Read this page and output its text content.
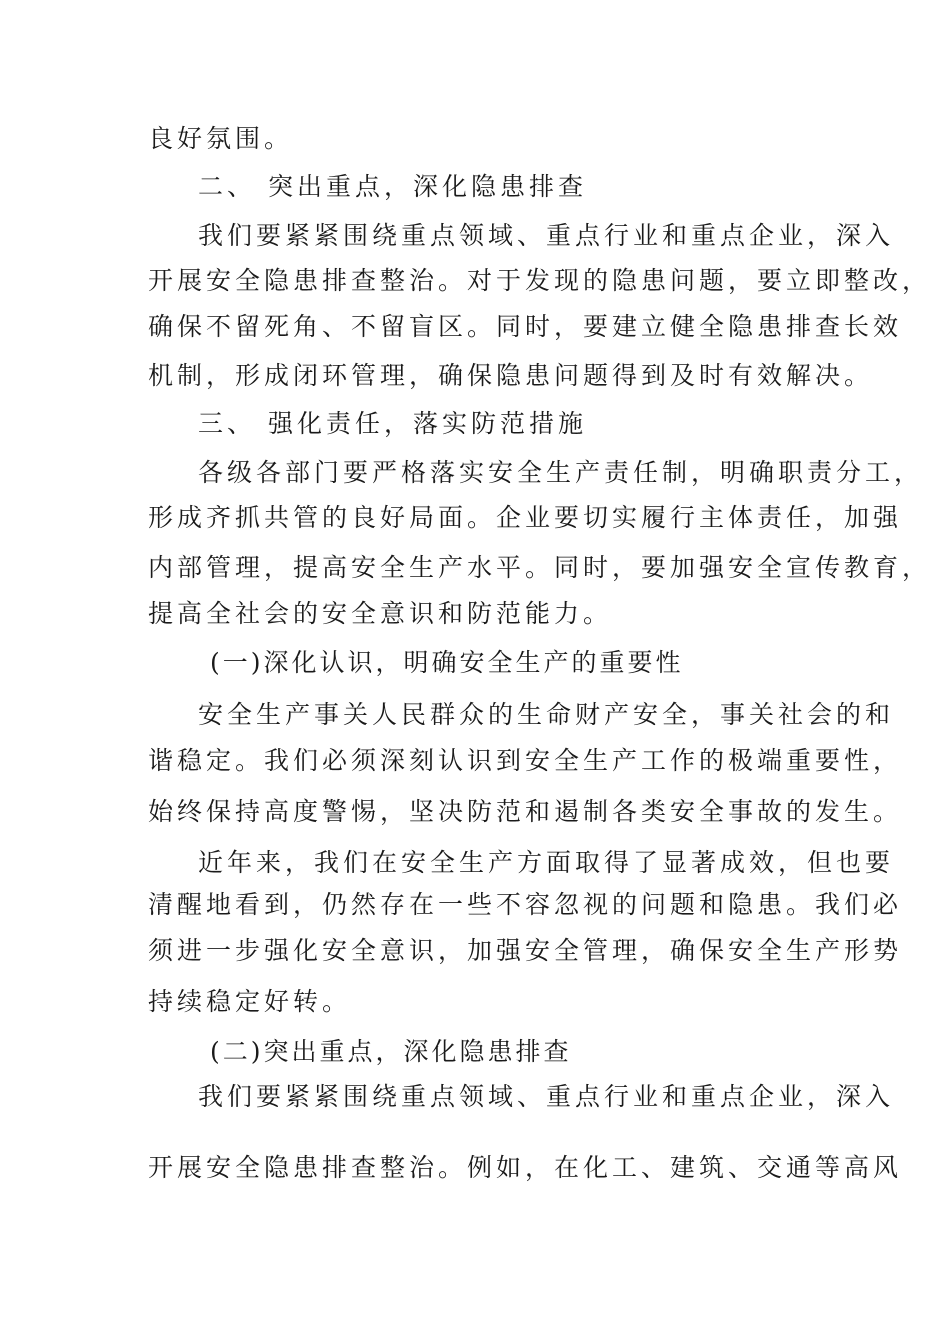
良好氛围。
二、 突出重点，深化隐患排查
我们要紧紧围绕重点领域、重点行业和重点企业，深入
开展安全隐患排查整治。对于发现的隐患问题，要立即整改，
确保不留死角、不留盲区。同时，要建立健全隐患排查长效
机制，形成闭环管理，确保隐患问题得到及时有效解决。
三、 强化责任，落实防范措施
各级各部门要严格落实安全生产责任制，明确职责分工，
形成齐抓共管的良好局面。企业要切实履行主体责任，加强
内部管理，提高安全生产水平。同时，要加强安全宣传教育，
提高全社会的安全意识和防范能力。
(一)深化认识，明确安全生产的重要性
安全生产事关人民群众的生命财产安全，事关社会的和
谐稳定。我们必须深刻认识到安全生产工作的极端重要性，
始终保持高度警惕，坚决防范和遏制各类安全事故的发生。
近年来，我们在安全生产方面取得了显著成效，但也要
清醒地看到，仍然存在一些不容忽视的问题和隐患。我们必
须进一步强化安全意识，加强安全管理，确保安全生产形势
持续稳定好转。
(二)突出重点，深化隐患排查
我们要紧紧围绕重点领域、重点行业和重点企业，深入
开展安全隐患排查整治。例如，在化工、建筑、交通等高风
